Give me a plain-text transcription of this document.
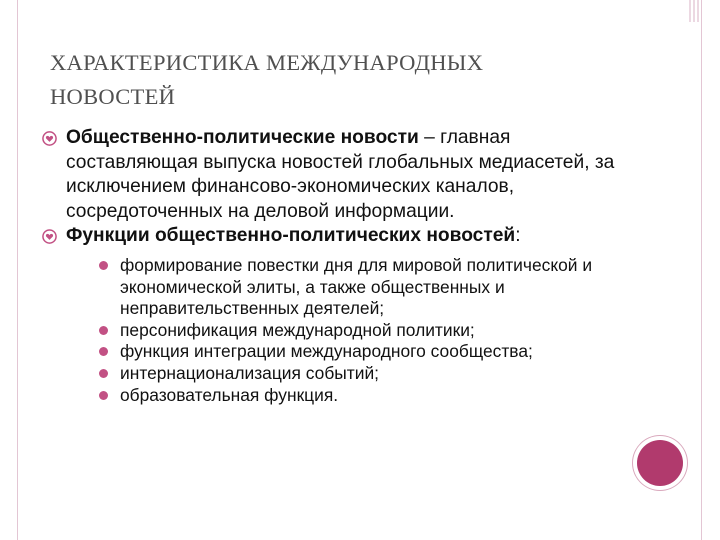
ХАРАКТЕРИСТИКА МЕЖДУНАРОДНЫХ
НОВОСТЕЙ
Общественно-политические новости – главная составляющая выпуска новостей глобальных медиасетей, за исключением финансово-экономических каналов, сосредоточенных на деловой информации.
Функции общественно-политических новостей:
формирование повестки дня для мировой политической и экономической элиты, а также общественных и неправительственных деятелей;
персонификация международной политики;
функция интеграции международного сообщества;
интернационализация событий;
образовательная функция.
